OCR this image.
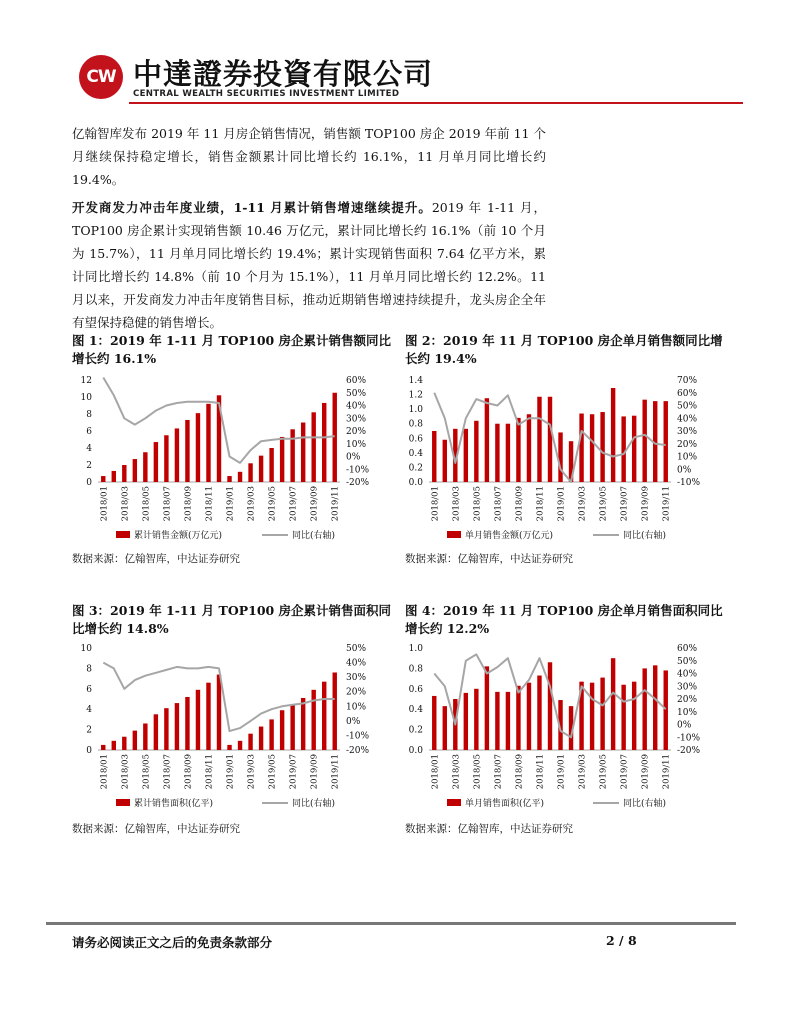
CW 中達證券投資有限公司
CENTRAL WEALTH SECURITIES INVESTMENT LIMITED
亿翰智库发布 2019 年 11 月房企销售情况，销售额 TOP100 房企 2019 年前 11 个月继续保持稳定增长，销售金额累计同比增长约 16.1%，11 月单月同比增长约 19.4%。
开发商发力冲击年度业绩，1-11 月累计销售增速继续提升。2019 年 1-11 月，TOP100 房企累计实现销售额 10.46 万亿元，累计同比增长约 16.1%（前 10 个月为 15.7%），11 月单月同比增长约 19.4%；累计实现销售面积 7.64 亿平方米，累计同比增长约 14.8%（前 10 个月为 15.1%），11 月单月同比增长约 12.2%。11 月以来，开发商发力冲击年度销售目标，推动近期销售增速持续提升，龙头房企全年有望保持稳健的销售增长。
图 1：2019 年 1-11 月 TOP100 房企累计销售额同比增长约 16.1%
0
2
4
6
8
10
12
-20%
-10%
0%
10%
20%
30%
40%
50%
60%
2018/01 2018/03 2018/05 2018/07 2018/09 2018/11 2019/01 2019/03 2019/05 2019/07 2019/09 2019/11
累计销售金额(万亿元)	同比(右轴)
数据来源：亿翰智库，中达证券研究
图 2：2019 年 11 月 TOP100 房企单月销售额同比增长约 19.4%
0.0
0.2
0.4
0.6
0.8
1.0
1.2
1.4
-10%
0%
10%
20%
30%
40%
50%
60%
70%
2018/01 2018/03 2018/05 2018/07 2018/09 2018/11 2019/01 2019/03 2019/05 2019/07 2019/09 2019/11
单月销售金额(万亿元)	同比(右轴)
数据来源：亿翰智库，中达证券研究
图 3：2019 年 1-11 月 TOP100 房企累计销售面积同比增长约 14.8%
0
2
4
6
8
10
-20%
-10%
0%
10%
20%
30%
40%
50%
2018/01 2018/03 2018/05 2018/07 2018/09 2018/11 2019/01 2019/03 2019/05 2019/07 2019/09 2019/11
累计销售面积(亿平)	同比(右轴)
数据来源：亿翰智库，中达证券研究
图 4：2019 年 11 月 TOP100 房企单月销售面积同比增长约 12.2%
0.0
0.2
0.4
0.6
0.8
1.0
-20%
-10%
0%
10%
20%
30%
40%
50%
60%
2018/01 2018/03 2018/05 2018/07 2018/09 2018/11 2019/01 2019/03 2019/05 2019/07 2019/09 2019/11
单月销售面积(亿平)	同比(右轴)
数据来源：亿翰智库，中达证券研究
请务必阅读正文之后的免责条款部分	2 / 8
